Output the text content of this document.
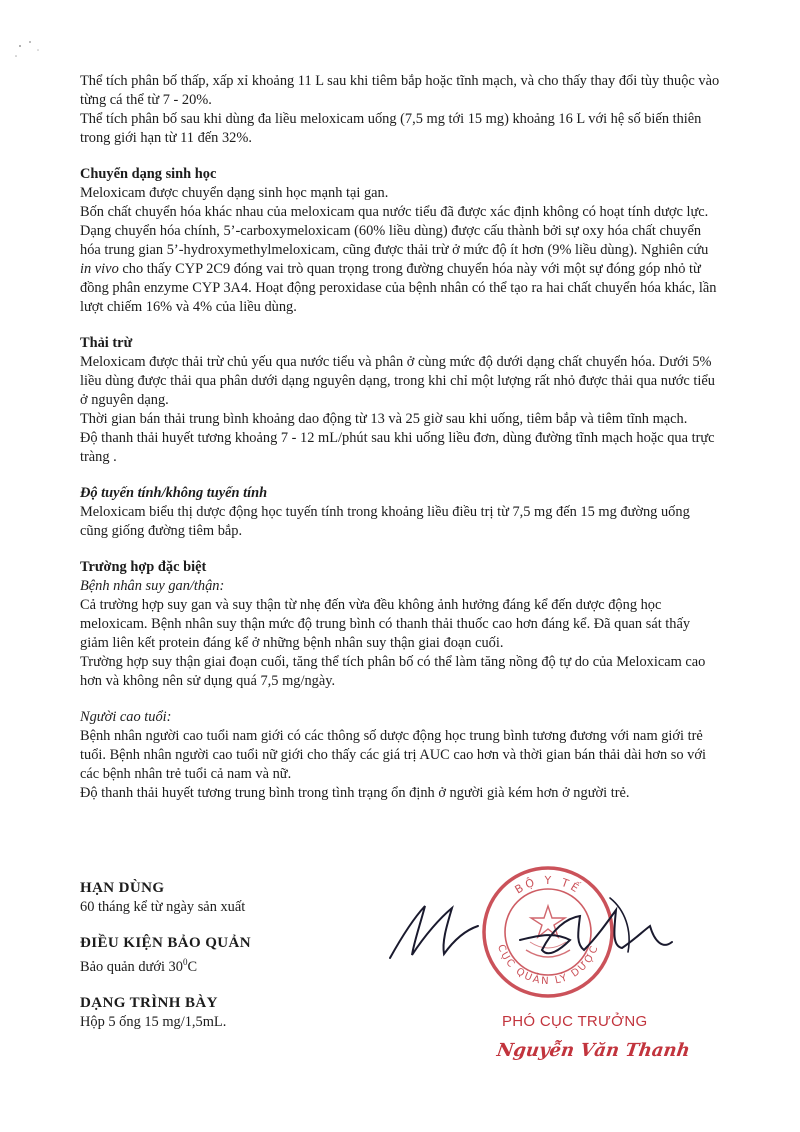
Thể tích phân bố thấp, xấp xỉ khoảng 11 L sau khi tiêm bắp hoặc tĩnh mạch, và cho thấy thay đổi tùy thuộc vào từng cá thể từ 7 - 20%.

Thể tích phân bố sau khi dùng đa liều meloxicam uống (7,5 mg tới 15 mg) khoảng 16 L với hệ số biến thiên trong giới hạn từ 11 đến 32%.

Chuyển dạng sinh học

Meloxicam được chuyển dạng sinh học mạnh tại gan.

Bốn chất chuyển hóa khác nhau của meloxicam qua nước tiểu đã được xác định không có hoạt tính dược lực.

Dạng chuyển hóa chính, 5’-carboxymeloxicam (60% liều dùng) được cấu thành bởi sự oxy hóa chất chuyển hóa trung gian 5’-hydroxymethylmeloxicam, cũng được thải trừ ở mức độ ít hơn (9% liều dùng). Nghiên cứu in vivo cho thấy CYP 2C9 đóng vai trò quan trọng trong đường chuyển hóa này với một sự đóng góp nhỏ từ đồng phân enzyme CYP 3A4. Hoạt động peroxidase của bệnh nhân có thể tạo ra hai chất chuyển hóa khác, lần lượt chiếm 16% và 4% của liều dùng.

Thải trừ

Meloxicam được thải trừ chủ yếu qua nước tiểu và phân ở cùng mức độ dưới dạng chất chuyển hóa. Dưới 5% liều dùng được thải qua phân dưới dạng nguyên dạng, trong khi chỉ một lượng rất nhỏ được thải qua nước tiểu ở nguyên dạng.

Thời gian bán thải trung bình khoảng dao động từ 13 và 25 giờ sau khi uống, tiêm bắp và tiêm tĩnh mạch.

Độ thanh thải huyết tương khoảng 7 - 12 mL/phút sau khi uống liều đơn, dùng đường tĩnh mạch hoặc qua trực tràng .

Độ tuyến tính/không tuyến tính

Meloxicam biểu thị dược động học tuyến tính trong khoảng liều điều trị từ 7,5 mg đến 15 mg đường uống cũng giống đường tiêm bắp.

Trường hợp đặc biệt

Bệnh nhân suy gan/thận:

Cả trường hợp suy gan và suy thận từ nhẹ đến vừa đều không ảnh hưởng đáng kể đến dược động học meloxicam. Bệnh nhân suy thận mức độ trung bình có thanh thải thuốc cao hơn đáng kể. Đã quan sát thấy giảm liên kết protein đáng kể ở những bệnh nhân suy thận giai đoạn cuối.

Trường hợp suy thận giai đoạn cuối, tăng thể tích phân bố có thể làm tăng nồng độ tự do của Meloxicam cao hơn và không nên sử dụng quá 7,5 mg/ngày.

Người cao tuổi:

Bệnh nhân người cao tuổi nam giới có các thông số dược động học trung bình tương đương với nam giới trẻ tuổi. Bệnh nhân người cao tuổi nữ giới cho thấy các giá trị AUC cao hơn và thời gian bán thải dài hơn so với các bệnh nhân trẻ tuổi cả nam và nữ.

Độ thanh thải huyết tương trung bình trong tình trạng ổn định ở người già kém hơn ở người trẻ.

HẠN DÙNG
60 tháng kể từ ngày sản xuất
ĐIỀU KIỆN BẢO QUẢN
Bảo quản dưới $30^0C$
DẠNG TRÌNH BÀY
Hộp 5 ống 15 mg/1,5mL.
BỘ Y TẾ
CỤC QUẢN LÝ DƯỢC
PHÓ CỤC TRƯỞNG
Nguyễn Văn Thanh
